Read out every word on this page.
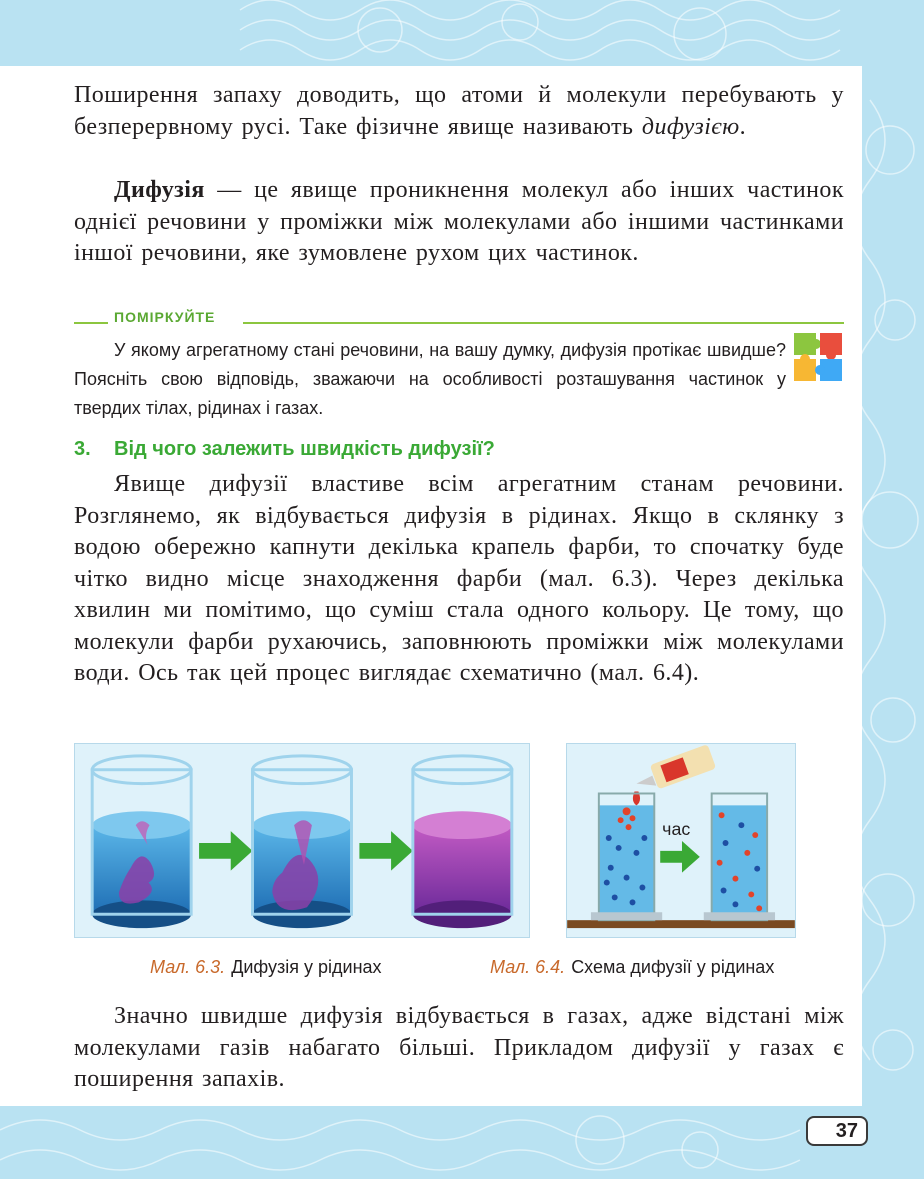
Поширення запаху доводить, що атоми й молекули перебувають у безперервному русі. Таке фізичне явище називають дифузією.

Дифузія — це явище проникнення молекул або інших частинок однієї речовини у проміжки між молекулами або іншими частинками іншої речовини, яке зумовлене рухом цих частинок.

ПОМІРКУЙТЕ

У якому агрегатному стані речовини, на вашу думку, дифузія протікає швидше? Поясніть свою відповідь, зважаючи на особливості розташування частинок у твердих тілах, рідинах і газах.

3. Від чого залежить швидкість дифузії?

Явище дифузії властиве всім агрегатним станам речовини. Розглянемо, як відбувається дифузія в рідинах. Якщо в склянку з водою обережно капнути декілька крапель фарби, то спочатку буде чітко видно місце знаходження фарби (мал. 6.3). Через декілька хвилин ми помітимо, що суміш стала одного кольору. Це тому, що молекули фарби рухаючись, заповнюють проміжки між молекулами води. Ось так цей процес виглядає схематично (мал. 6.4).

час
Мал. 6.3. Дифузія у рідинах	Мал. 6.4. Схема дифузії у рідинах

Значно швидше дифузія відбувається в газах, адже відстані між молекулами газів набагато більші. Прикладом дифузії у газах є поширення запахів.

37
